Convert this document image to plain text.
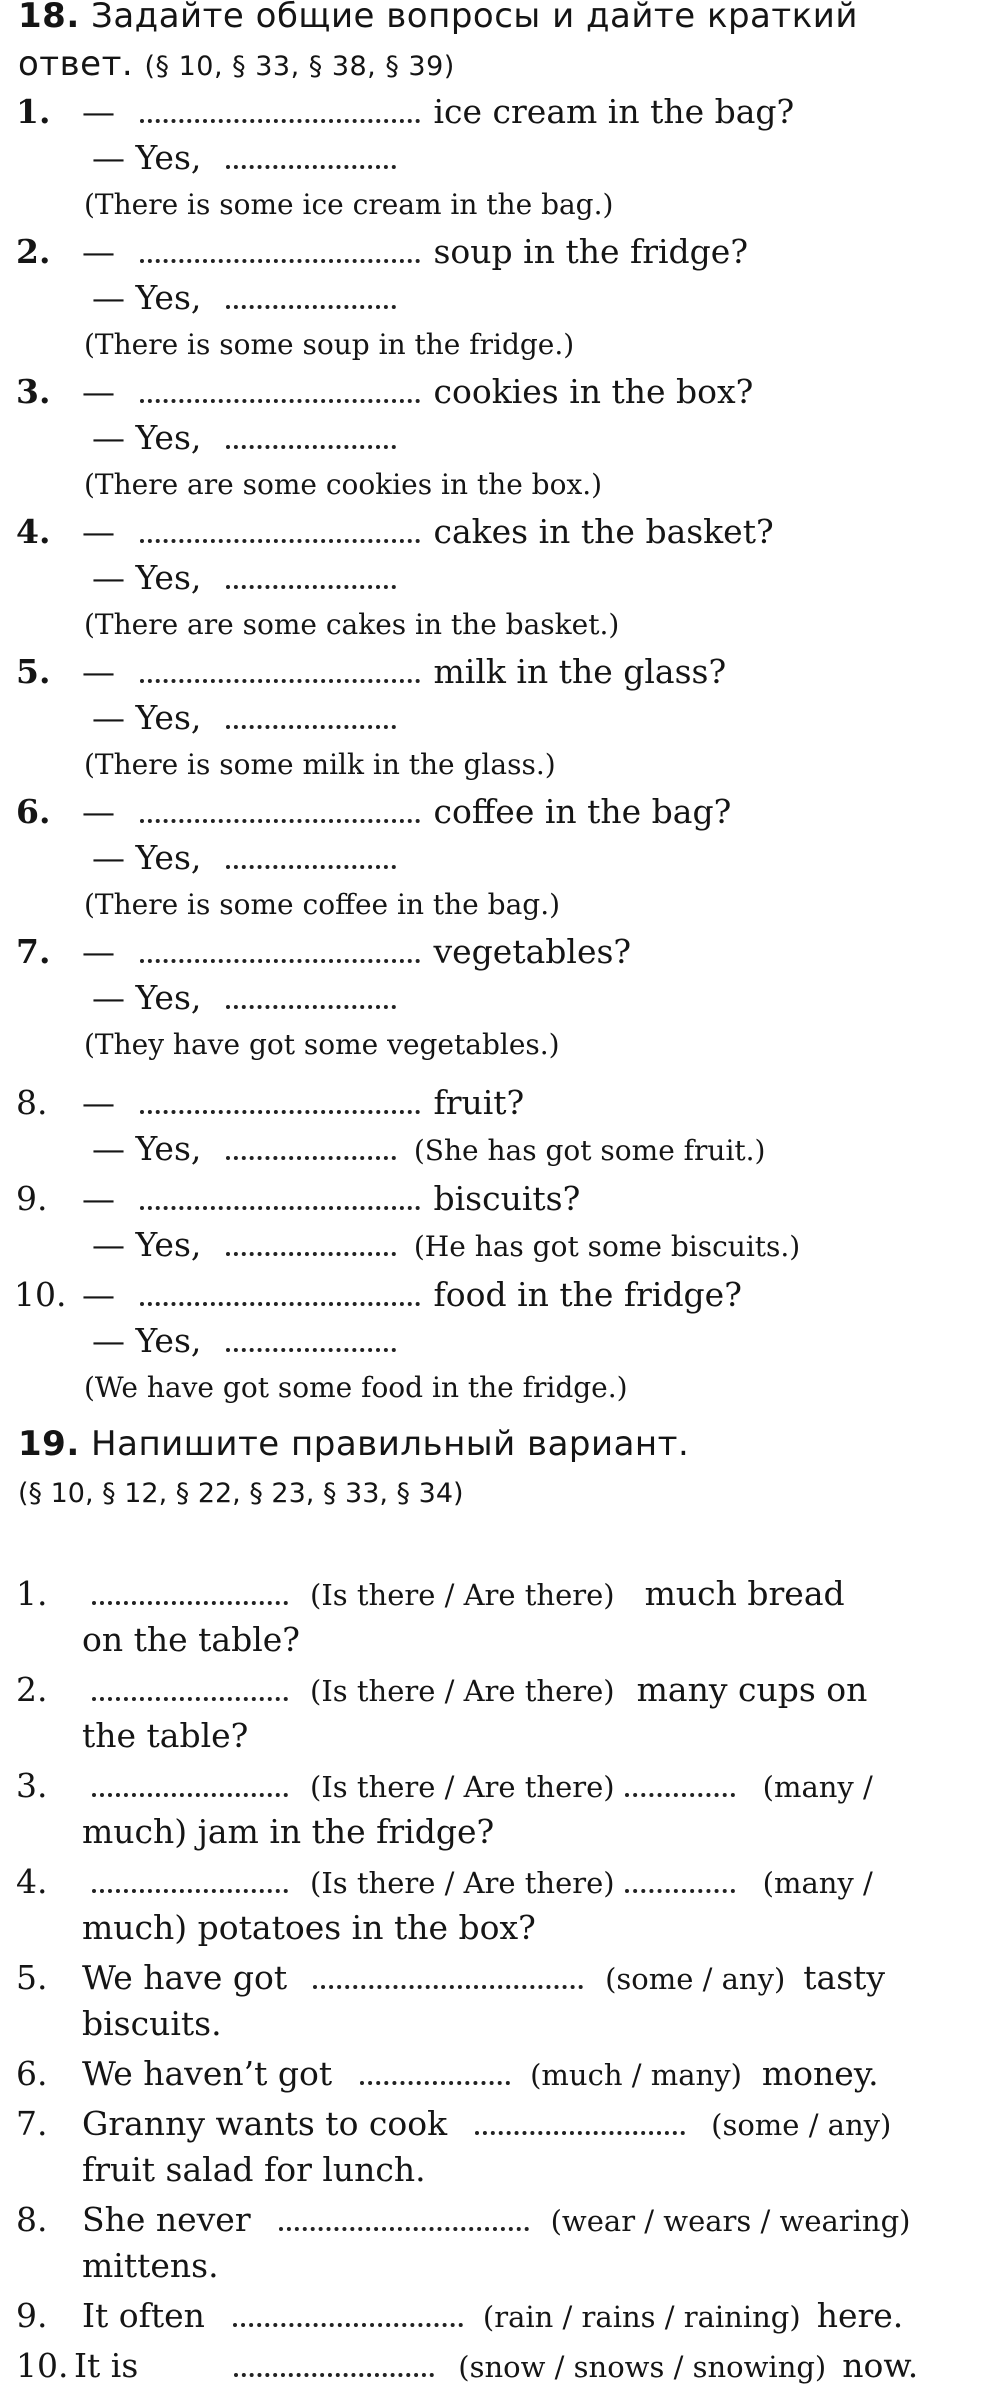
18. Задайте общие вопросы и дайте краткий
ответ. (§ 10, § 33, § 38, § 39)
1. —	ice cream in the bag?
— Yes,
(There is some ice cream in the bag.)
2. —	soup in the fridge?
— Yes,
(There is some soup in the fridge.)
3. —	cookies in the box?
— Yes,
(There are some cookies in the box.)
4. —	cakes in the basket?
— Yes,
(There are some cakes in the basket.)
5. —	milk in the glass?
— Yes,
(There is some milk in the glass.)
6. —	coffee in the bag?
— Yes,
(There is some coffee in the bag.)
7. —	vegetables?
— Yes,
(They have got some vegetables.)
8. —	fruit?
— Yes,	(She has got some fruit.)
9. —	biscuits?
— Yes,	(He has got some biscuits.)
10. —	food in the fridge?
— Yes,
(We have got some food in the fridge.)
19. Напишите правильный вариант.
(§ 10, § 12, § 22, § 23, § 33, § 34)
1.	(Is there / Are there) much bread
on the table?
2.	(Is there / Are there) many cups on
the table?
3.	(Is there / Are there)	(many /
much) jam in the fridge?
4.	(Is there / Are there)	(many /
much) potatoes in the box?
5. We have got	(some / any) tasty
biscuits.
6. We haven’t got	(much / many) money.
7. Granny wants to cook	(some / any)
fruit salad for lunch.
8. She never	(wear / wears / wearing)
mittens.
9. It often	(rain / rains / raining) here.
10. It is	(snow / snows / snowing) now.
